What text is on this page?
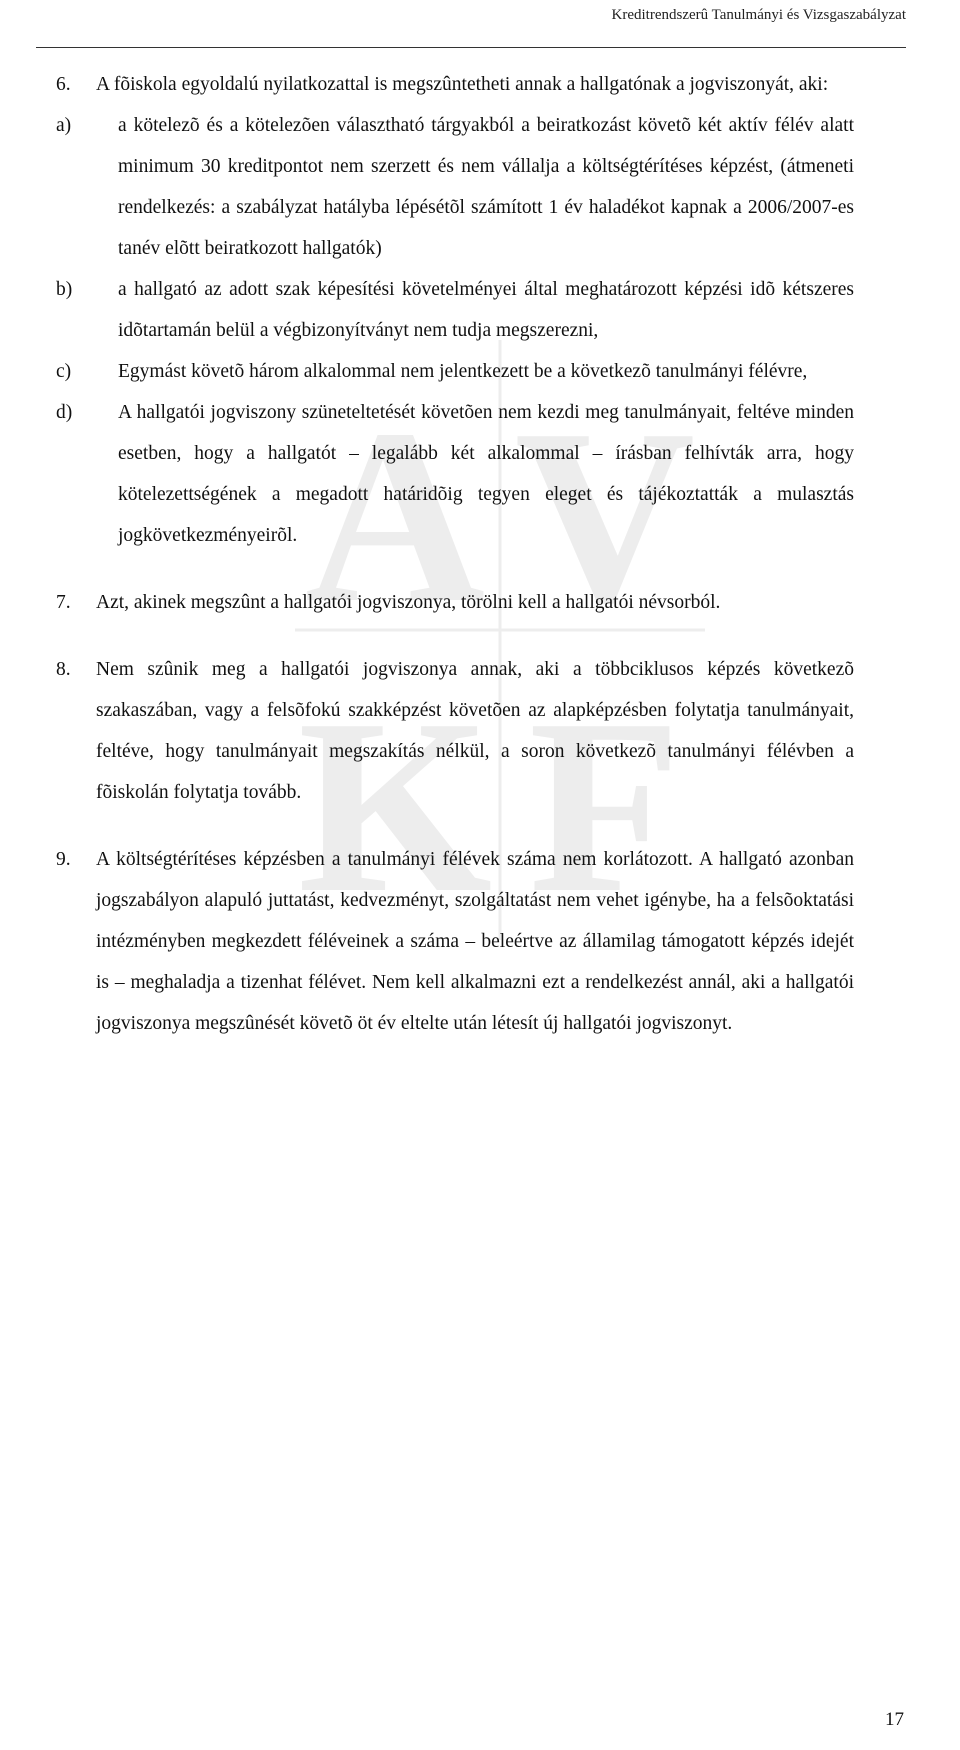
Kreditrendszerû Tanulmányi és Vizsgaszabályzat
A V
K F
6. A fõiskola egyoldalú nyilatkozattal is megszûntetheti annak a hallgatónak a jogviszonyát, aki:
a) a kötelezõ és a kötelezõen választható tárgyakból a beiratkozást követõ két aktív félév alatt minimum 30 kreditpontot nem szerzett és nem vállalja a költségtérítéses képzést, (átmeneti rendelkezés: a szabályzat hatályba lépésétõl számított 1 év haladékot kapnak a 2006/2007-es tanév elõtt beiratkozott hallgatók)
b) a hallgató az adott szak képesítési követelményei által meghatározott képzési idõ kétszeres idõtartamán belül a végbizonyítványt nem tudja megszerezni,
c) Egymást követõ három alkalommal nem jelentkezett be a következõ tanulmányi félévre,
d) A hallgatói jogviszony szüneteltetését követõen nem kezdi meg tanulmányait, feltéve minden esetben, hogy a hallgatót – legalább két alkalommal – írásban felhívták arra, hogy kötelezettségének a megadott határidõig tegyen eleget és tájékoztatták a mulasztás jogkövetkezményeirõl.
7. Azt, akinek megszûnt a hallgatói jogviszonya, törölni kell a hallgatói névsorból.
8. Nem szûnik meg a hallgatói jogviszonya annak, aki a többciklusos képzés következõ szakaszában, vagy a felsõfokú szakképzést követõen az alapképzésben folytatja tanulmányait, feltéve, hogy tanulmányait megszakítás nélkül, a soron következõ tanulmányi félévben a fõiskolán folytatja tovább.
9. A költségtérítéses képzésben a tanulmányi félévek száma nem korlátozott. A hallgató azonban jogszabályon alapuló juttatást, kedvezményt, szolgáltatást nem vehet igénybe, ha a felsõoktatási intézményben megkezdett féléveinek a száma – beleértve az államilag támogatott képzés idejét is – meghaladja a tizenhat félévet. Nem kell alkalmazni ezt a rendelkezést annál, aki a hallgatói jogviszonya megszûnését követõ öt év eltelte után létesít új hallgatói jogviszonyt.
17
